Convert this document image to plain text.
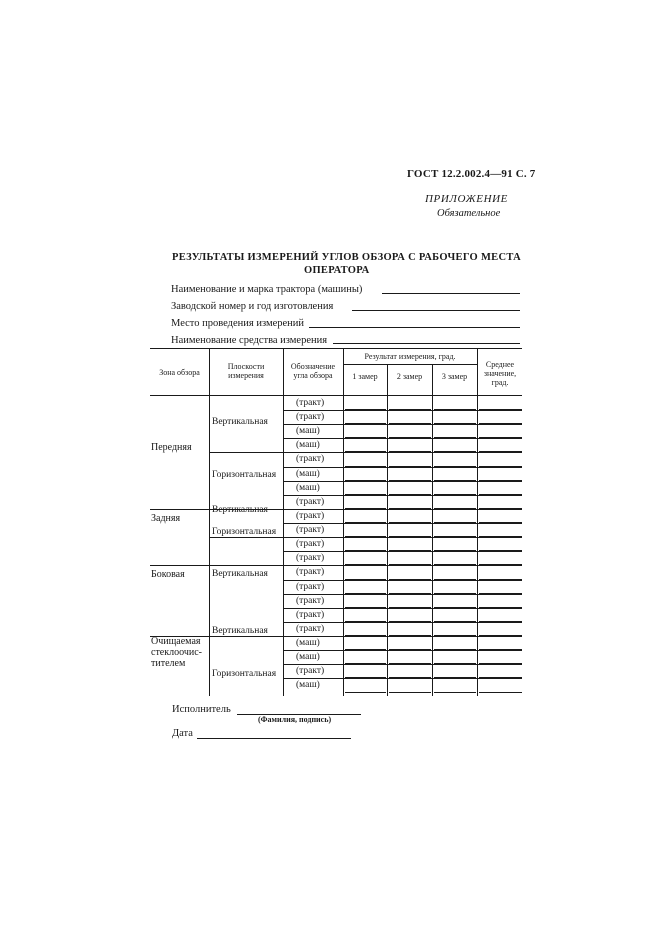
ГОСТ 12.2.002.4—91 С. 7
ПРИЛОЖЕНИЕ
Обязательное
РЕЗУЛЬТАТЫ ИЗМЕРЕНИЙ УГЛОВ ОБЗОРА С РАБОЧЕГО МЕСТА
ОПЕРАТОРА
Наименование и марка трактора (машины)
Заводской номер и год изготовления
Место проведения измерений
Наименование средства измерения
Зона обзора
Плоскости измерения
Обозначение угла обзора
Результат измерения, град.
1 замер	2 замер	3 замер
Среднее значение, град.
(тракт)
(тракт)
(маш)
(маш)
(тракт)
(маш)
(маш)
(тракт)
(тракт)
(тракт)
(тракт)
(тракт)
(тракт)
(тракт)
(тракт)
(тракт)
(тракт)
(маш)
(маш)
(тракт)
(маш)
Передняя
Задняя
Боковая
Очищаемая стеклоочис-тителем
Вертикальная
Горизонтальная
Вертикальная
Горизонтальная
Вертикальная
Вертикальная
Горизонтальная
Исполнитель
(Фамилия, подпись)
Дата
